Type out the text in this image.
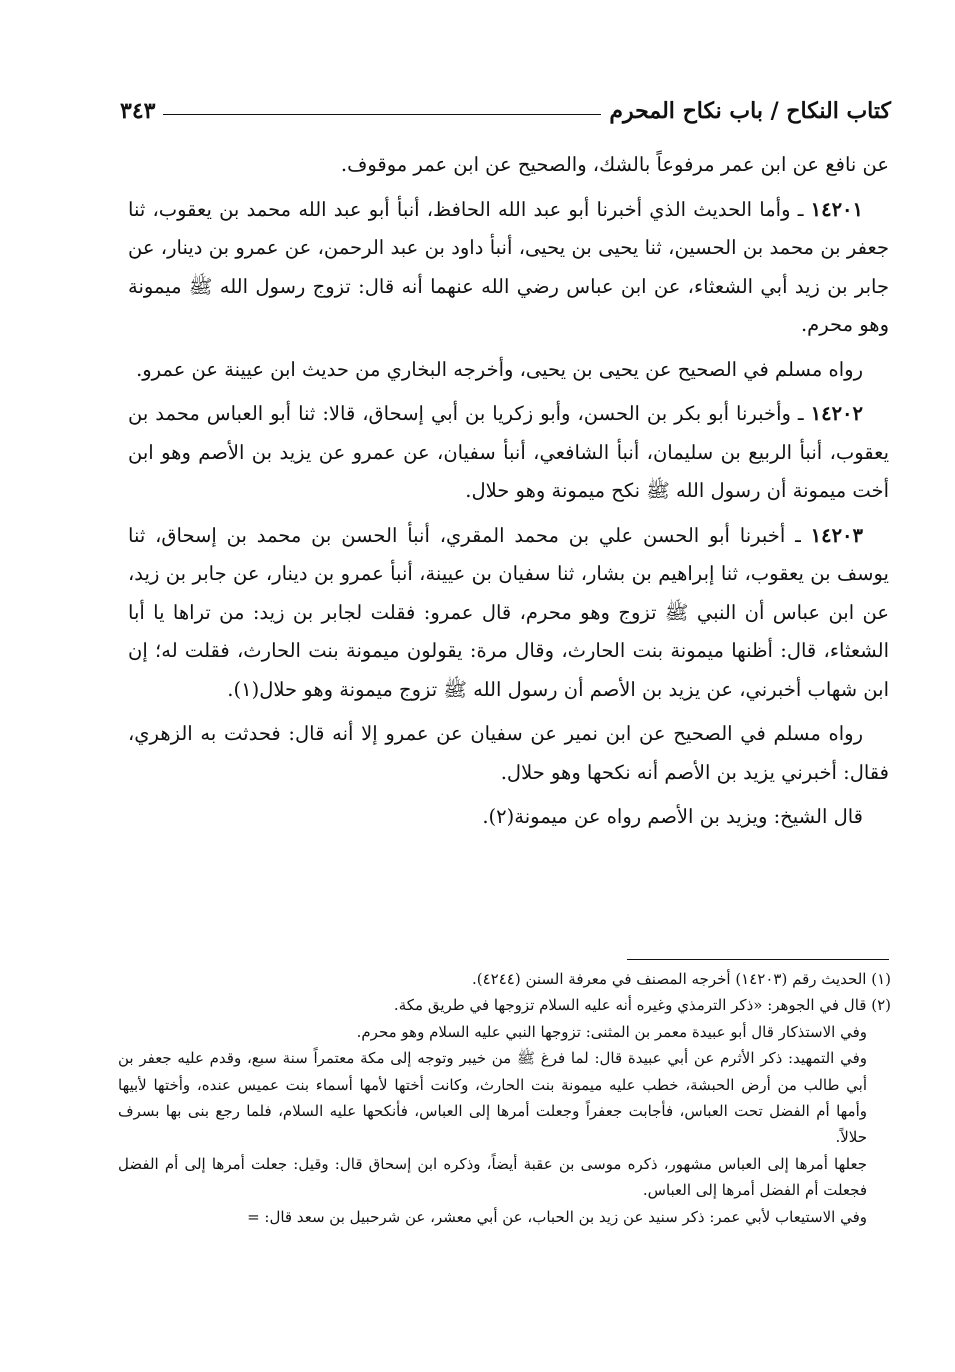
كتاب النكاح / باب نكاح المحرم
٣٤٣

عن نافع عن ابن عمر مرفوعاً بالشك، والصحيح عن ابن عمر موقوف.

١٤٢٠١ ـ وأما الحديث الذي أخبرنا أبو عبد الله الحافظ، أنبأ أبو عبد الله محمد بن يعقوب، ثنا جعفر بن محمد بن الحسين، ثنا يحيى بن يحيى، أنبأ داود بن عبد الرحمن، عن عمرو بن دينار، عن جابر بن زيد أبي الشعثاء، عن ابن عباس رضي الله عنهما أنه قال: تزوج رسول الله ﷺ ميمونة وهو محرم.

رواه مسلم في الصحيح عن يحيى بن يحيى، وأخرجه البخاري من حديث ابن عيينة عن عمرو.

١٤٢٠٢ ـ وأخبرنا أبو بكر بن الحسن، وأبو زكريا بن أبي إسحاق، قالا: ثنا أبو العباس محمد بن يعقوب، أنبأ الربيع بن سليمان، أنبأ الشافعي، أنبأ سفيان، عن عمرو عن يزيد بن الأصم وهو ابن أخت ميمونة أن رسول الله ﷺ نكح ميمونة وهو حلال.

١٤٢٠٣ ـ أخبرنا أبو الحسن علي بن محمد المقري، أنبأ الحسن بن محمد بن إسحاق، ثنا يوسف بن يعقوب، ثنا إبراهيم بن بشار، ثنا سفيان بن عيينة، أنبأ عمرو بن دينار، عن جابر بن زيد، عن ابن عباس أن النبي ﷺ تزوج وهو محرم، قال عمرو: فقلت لجابر بن زيد: من تراها يا أبا الشعثاء، قال: أظنها ميمونة بنت الحارث، وقال مرة: يقولون ميمونة بنت الحارث، فقلت له؛ إن ابن شهاب أخبرني، عن يزيد بن الأصم أن رسول الله ﷺ تزوج ميمونة وهو حلال(١).

رواه مسلم في الصحيح عن ابن نمير عن سفيان عن عمرو إلا أنه قال: فحدثت به الزهري، فقال: أخبرني يزيد بن الأصم أنه نكحها وهو حلال.

قال الشيخ: ويزيد بن الأصم رواه عن ميمونة(٢).

(١) الحديث رقم (١٤٢٠٣) أخرجه المصنف في معرفة السنن (٤٢٤٤).

(٢) قال في الجوهر: «ذكر الترمذي وغيره أنه عليه السلام تزوجها في طريق مكة.

وفي الاستذكار قال أبو عبيدة معمر بن المثنى: تزوجها النبي عليه السلام وهو محرم.

وفي التمهيد: ذكر الأثرم عن أبي عبيدة قال: لما فرغ ﷺ من خيبر وتوجه إلى مكة معتمراً سنة سبع، وقدم عليه جعفر بن أبي طالب من أرض الحبشة، خطب عليه ميمونة بنت الحارث، وكانت أختها لأمها أسماء بنت عميس عنده، وأختها لأبيها وأمها أم الفضل تحت العباس، فأجابت جعفراً وجعلت أمرها إلى العباس، فأنكحها عليه السلام، فلما رجع بنى بها بسرف حلالاً.

جعلها أمرها إلى العباس مشهور، ذكره موسى بن عقبة أيضاً، وذكره ابن إسحاق قال: وقيل: جعلت أمرها إلى أم الفضل فجعلت أم الفضل أمرها إلى العباس.

وفي الاستيعاب لأبي عمر: ذكر سنيد عن زيد بن الحباب، عن أبي معشر، عن شرحبيل بن سعد قال: =
